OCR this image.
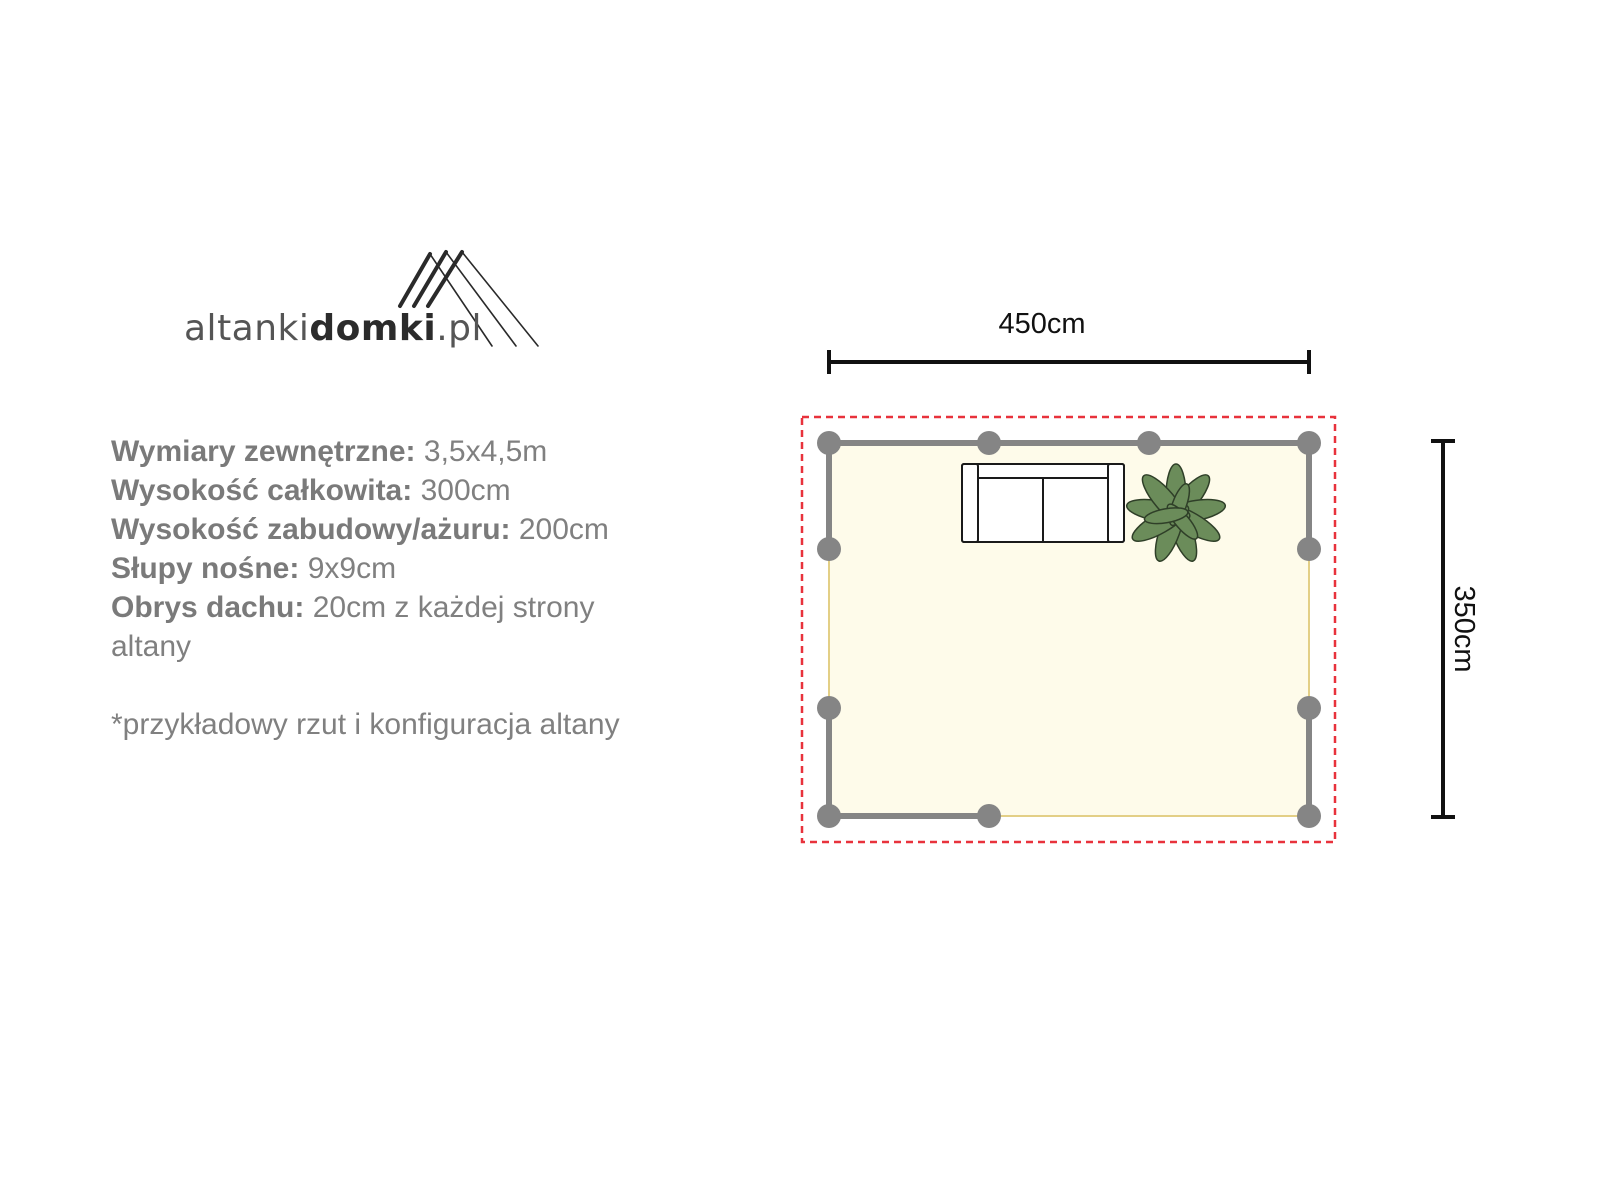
altankidomki.pl

Wymiary zewnętrzne: 3,5x4,5m

Wysokość całkowita: 300cm

Wysokość zabudowy/ażuru: 200cm

Słupy nośne: 9x9cm

Obrys dachu: 20cm z każdej strony altany

*przykładowy rzut i konfiguracja altany

450cm
350cm
